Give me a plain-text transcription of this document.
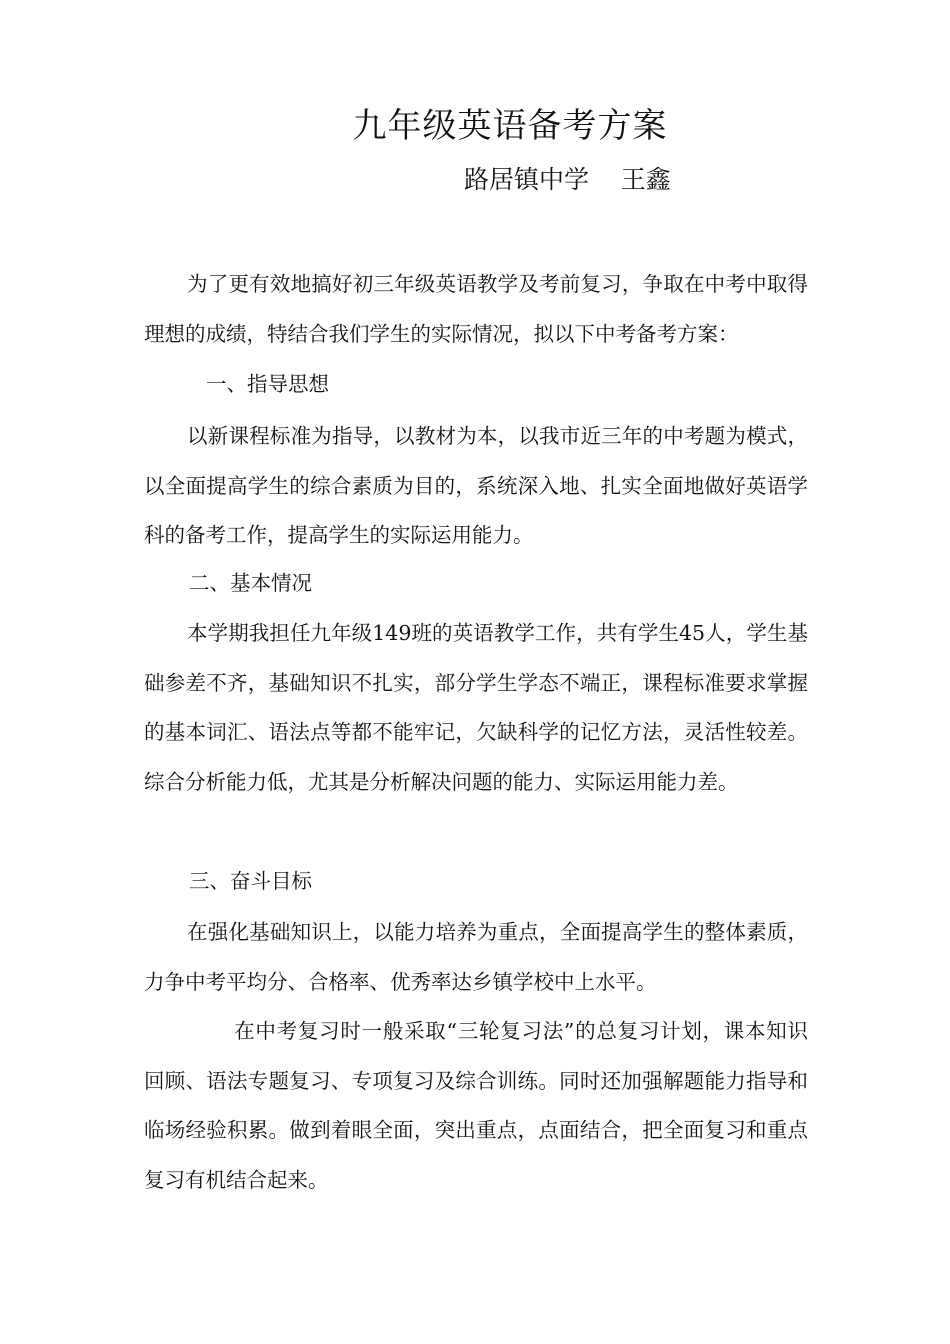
九年级英语备考方案
路居镇中学    王鑫

为了更有效地搞好初三年级英语教学及考前复习，争取在中考中取得理想的成绩，特结合我们学生的实际情况，拟以下中考备考方案：

一、指导思想

以新课程标准为指导，以教材为本，以我市近三年的中考题为模式，以全面提高学生的综合素质为目的，系统深入地、扎实全面地做好英语学科的备考工作，提高学生的实际运用能力。

二、基本情况

本学期我担任九年级149班的英语教学工作，共有学生45人，学生基础参差不齐，基础知识不扎实，部分学生学态不端正，课程标准要求掌握的基本词汇、语法点等都不能牢记，欠缺科学的记忆方法，灵活性较差。综合分析能力低，尤其是分析解决问题的能力、实际运用能力差。

三、奋斗目标

在强化基础知识上，以能力培养为重点，全面提高学生的整体素质，力争中考平均分、合格率、优秀率达乡镇学校中上水平。

在中考复习时一般采取“三轮复习法”的总复习计划，课本知识回顾、语法专题复习、专项复习及综合训练。同时还加强解题能力指导和临场经验积累。做到着眼全面，突出重点，点面结合，把全面复习和重点复习有机结合起来。
